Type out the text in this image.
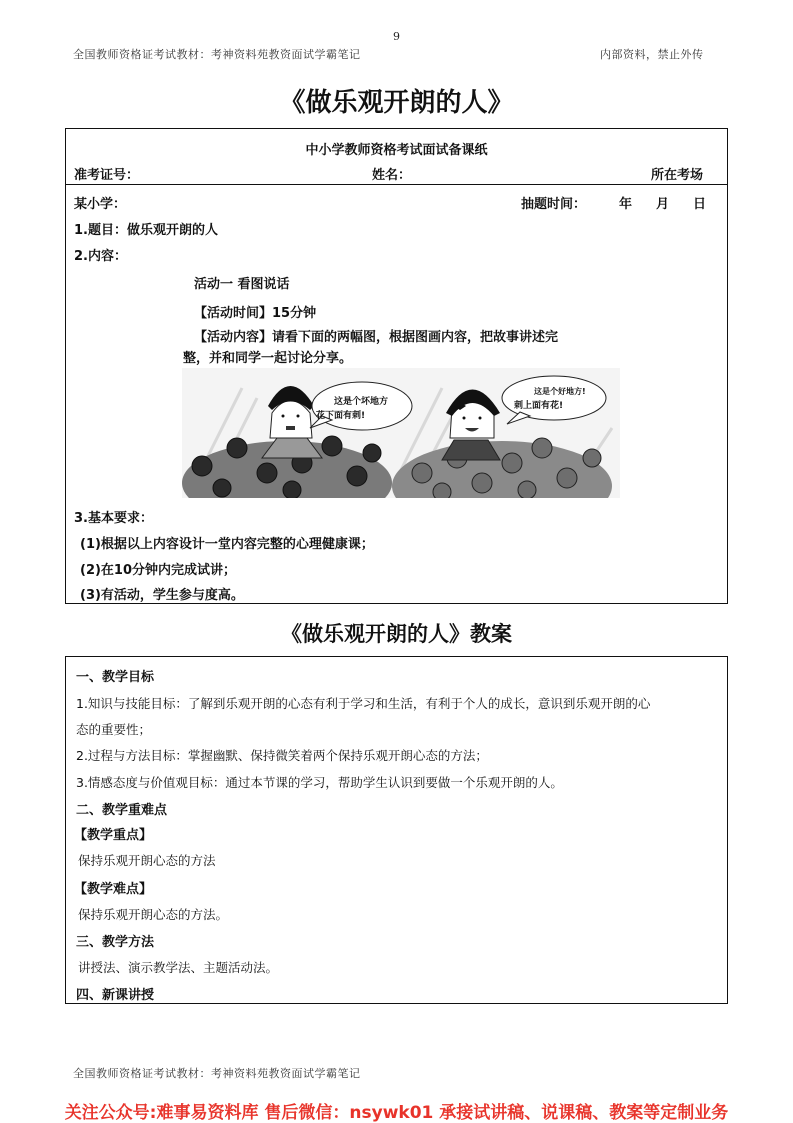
9
全国教师资格证考试教材：考神资料苑教资面试学霸笔记	内部资料，禁止外传
《做乐观开朗的人》
中小学教师资格考试面试备课纸
准考证号：	姓名：	所在考场
某小学：	抽题时间：	年 月 日
1.题目：做乐观开朗的人
2.内容：
活动一 看图说话
【活动时间】15分钟
【活动内容】请看下面的两幅图，根据图画内容，把故事讲述完
整，并和同学一起讨论分享。
3.基本要求：
(1)根据以上内容设计一堂内容完整的心理健康课；
(2)在10分钟内完成试讲；
(3)有活动，学生参与度高。
这是个坏地方
花下面有刺!
这是个好地方!
刺上面有花!
《做乐观开朗的人》教案
一、教学目标
1.知识与技能目标：了解到乐观开朗的心态有利于学习和生活，有利于个人的成长，意识到乐观开朗的心
态的重要性；
2.过程与方法目标：掌握幽默、保持微笑着两个保持乐观开朗心态的方法；
3.情感态度与价值观目标：通过本节课的学习，帮助学生认识到要做一个乐观开朗的人。
二、教学重难点
【教学重点】
保持乐观开朗心态的方法
【教学难点】
保持乐观开朗心态的方法。
三、教学方法
讲授法、演示教学法、主题活动法。
四、新课讲授
全国教师资格证考试教材：考神资料苑教资面试学霸笔记
关注公众号:难事易资料库 售后微信：nsywk01 承接试讲稿、说课稿、教案等定制业务
